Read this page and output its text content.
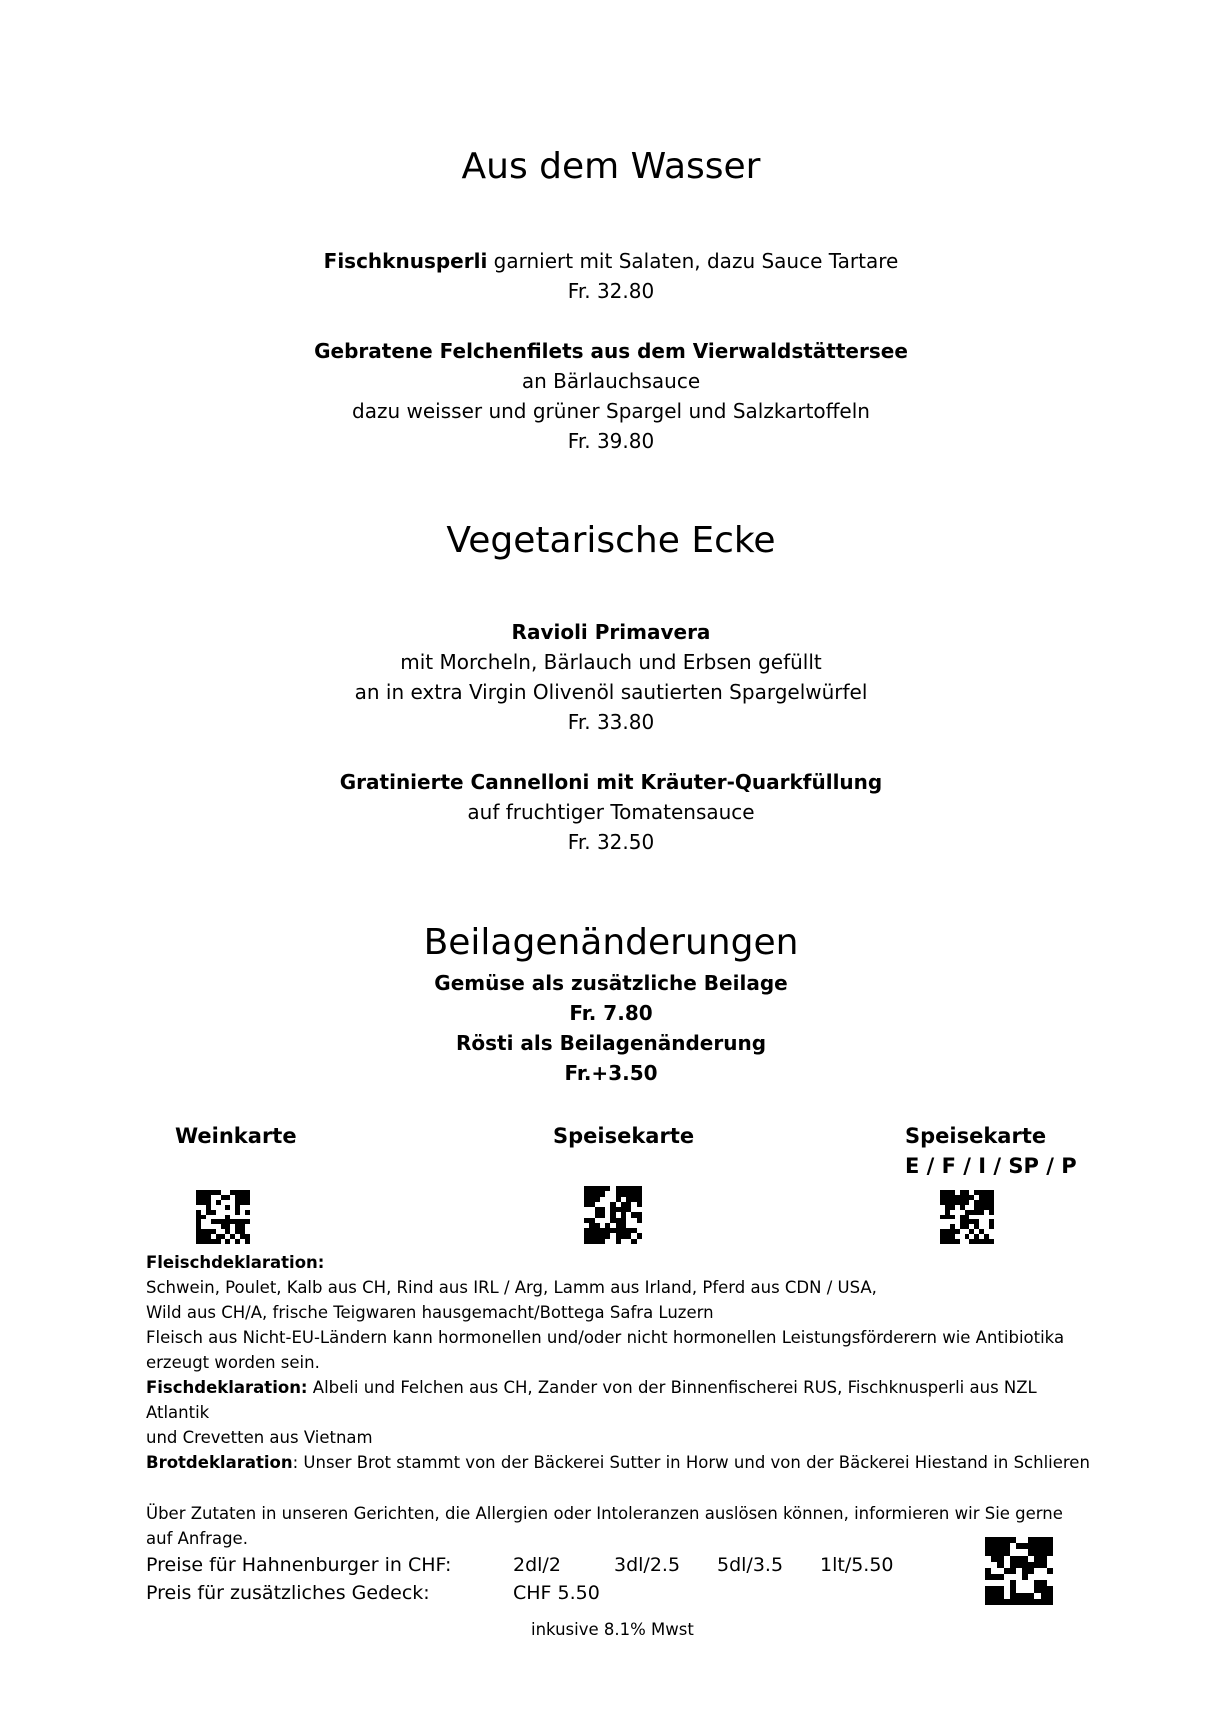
Aus dem Wasser

Fischknusperli garniert mit Salaten, dazu Sauce Tartare

Fr. 32.80

Gebratene Felchenfilets aus dem Vierwaldstättersee

an Bärlauchsauce

dazu weisser und grüner Spargel und Salzkartoffeln

Fr. 39.80

Vegetarische Ecke

Ravioli Primavera

mit Morcheln, Bärlauch und Erbsen gefüllt

an in extra Virgin Olivenöl sautierten Spargelwürfel

Fr. 33.80

Gratinierte Cannelloni mit Kräuter-Quarkfüllung

auf fruchtiger Tomatensauce

Fr. 32.50

Beilagenänderungen

Gemüse als zusätzliche Beilage

Fr. 7.80

Rösti als Beilagenänderung

Fr.+3.50

Weinkarte	Speisekarte	Speisekarte
E / F / I / SP / P

Fleischdeklaration:

Schwein, Poulet, Kalb aus CH, Rind aus IRL / Arg, Lamm aus Irland, Pferd aus CDN / USA,

Wild aus CH/A, frische Teigwaren hausgemacht/Bottega Safra Luzern

Fleisch aus Nicht-EU-Ländern kann hormonellen und/oder nicht hormonellen Leistungsförderern wie Antibiotika

erzeugt worden sein.

Fischdeklaration: Albeli und Felchen aus CH, Zander von der Binnenfischerei RUS, Fischknusperli aus NZL Atlantik

und Crevetten aus Vietnam

Brotdeklaration: Unser Brot stammt von der Bäckerei Sutter in Horw und von der Bäckerei Hiestand in Schlieren

Über Zutaten in unseren Gerichten, die Allergien oder Intoleranzen auslösen können, informieren wir Sie gerne

auf Anfrage.

Preise für Hahnenburger in CHF:	2dl/2	3dl/2.5 5dl/3.5 1lt/5.50
Preis für zusätzliches Gedeck:	CHF 5.50
inkusive 8.1% Mwst
